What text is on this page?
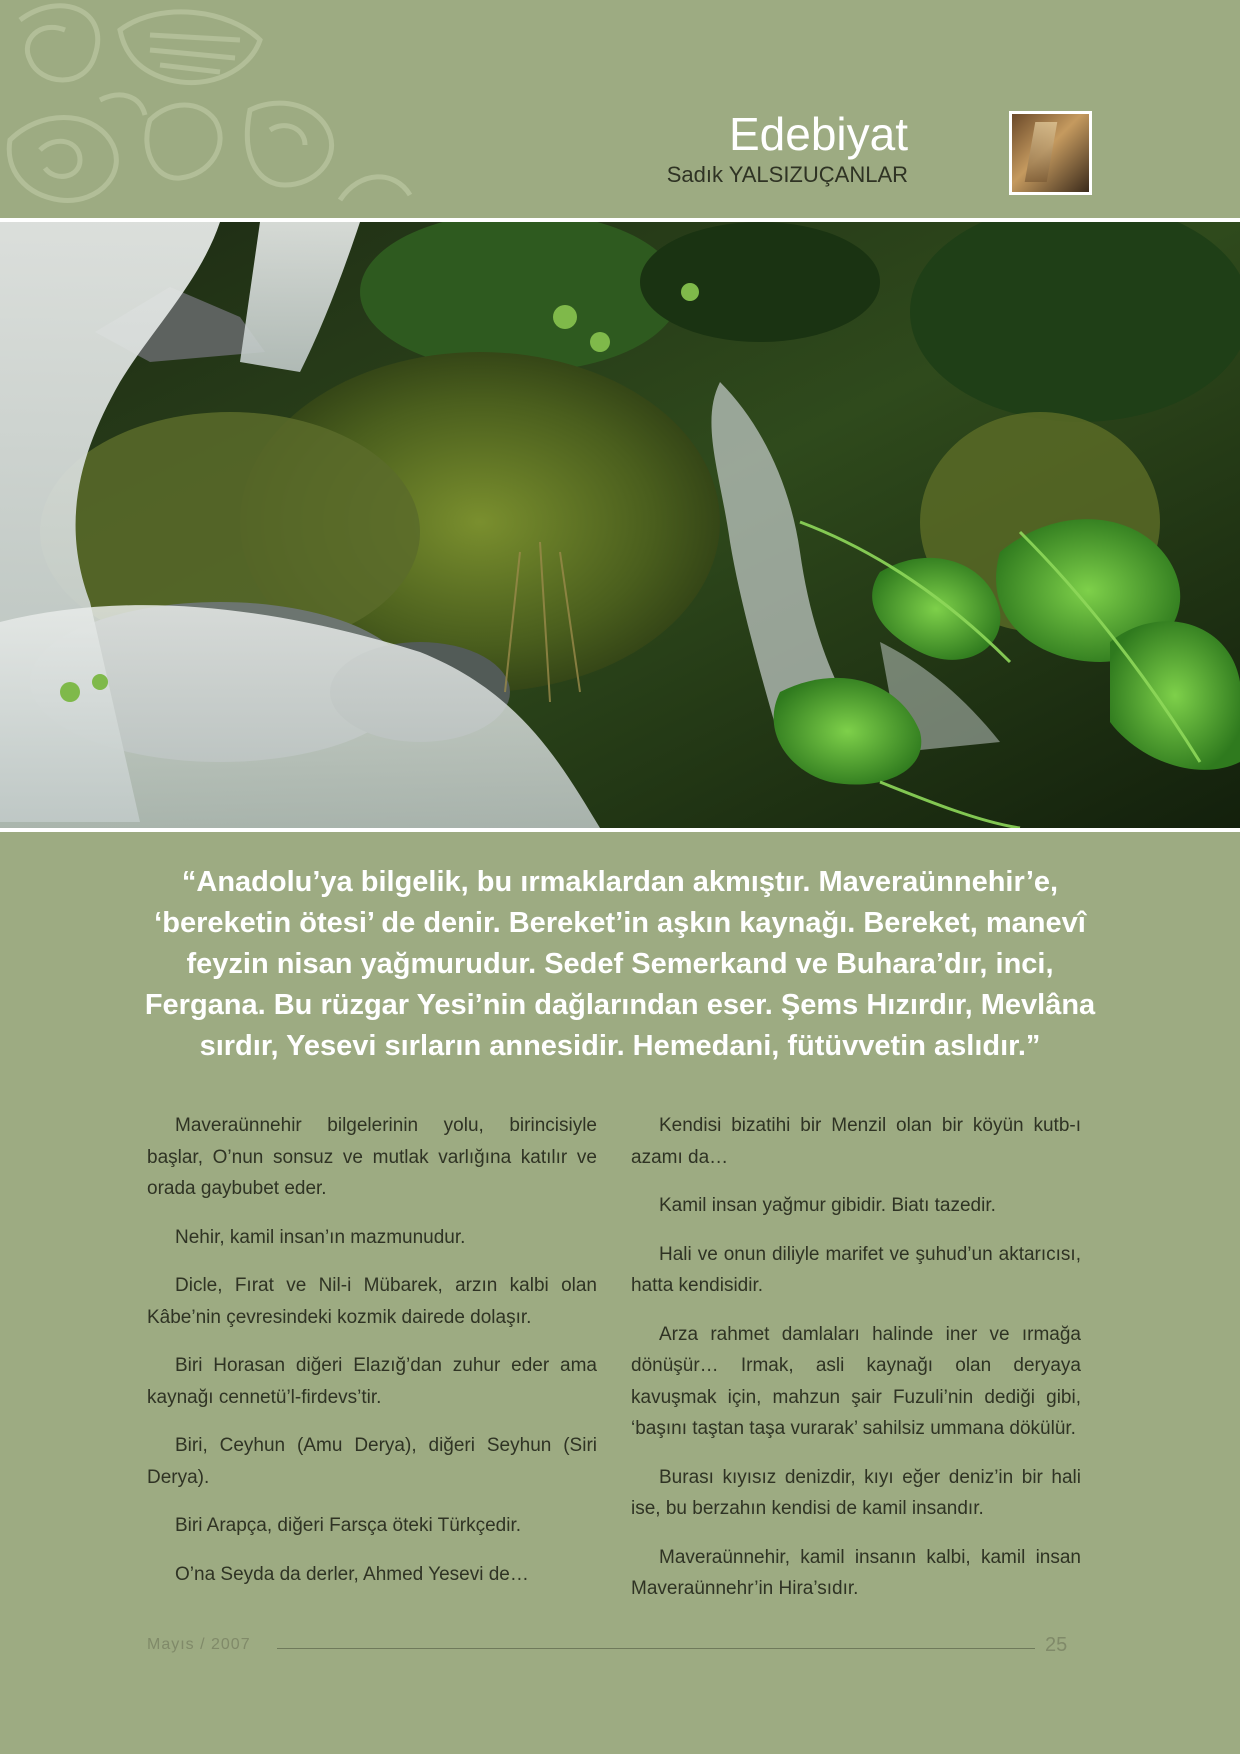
Edebiyat
Sadık YALSIZUÇANLAR
“Anadolu’ya bilgelik, bu ırmaklardan akmıştır. Maveraünnehir’e, ‘bereketin ötesi’ de denir. Bereket’in aşkın kaynağı. Bereket, manevî feyzin nisan yağmurudur. Sedef Semerkand ve Buhara’dır, inci, Fergana. Bu rüzgar Yesi’nin dağlarından eser. Şems Hızırdır, Mevlâna sırdır, Yesevi sırların annesidir. Hemedani, fütüvvetin aslıdır.”

Maveraünnehir bilgelerinin yolu, birincisiyle başlar, O’nun sonsuz ve mutlak varlığına katılır ve orada gaybubet eder.

Nehir, kamil insan’ın mazmunudur.

Dicle, Fırat ve Nil-i Mübarek, arzın kalbi olan Kâbe’nin çevresindeki kozmik dairede dolaşır.

Biri Horasan diğeri Elazığ’dan zuhur eder ama kaynağı cennetü’l-firdevs’tir.

Biri, Ceyhun (Amu Derya), diğeri Seyhun (Siri Derya).

Biri Arapça, diğeri Farsça öteki Türkçedir.

O’na Seyda da derler, Ahmed Yesevi de…

Kendisi bizatihi bir Menzil olan bir köyün kutb-ı azamı da…

Kamil insan yağmur gibidir. Biatı tazedir.

Hali ve onun diliyle marifet ve şuhud’un aktarıcısı, hatta kendisidir.

Arza rahmet damlaları halinde iner ve ırmağa dönüşür… Irmak, asli kaynağı olan deryaya kavuşmak için, mahzun şair Fuzuli’nin dediği gibi, ‘başını taştan taşa vurarak’ sahilsiz ummana dökülür.

Burası kıyısız denizdir, kıyı eğer deniz’in bir hali ise, bu berzahın kendisi de kamil insandır.

Maveraünnehir, kamil insanın kalbi, kamil insan Maveraünnehr’in Hira’sıdır.

Mayıs / 2007	25
